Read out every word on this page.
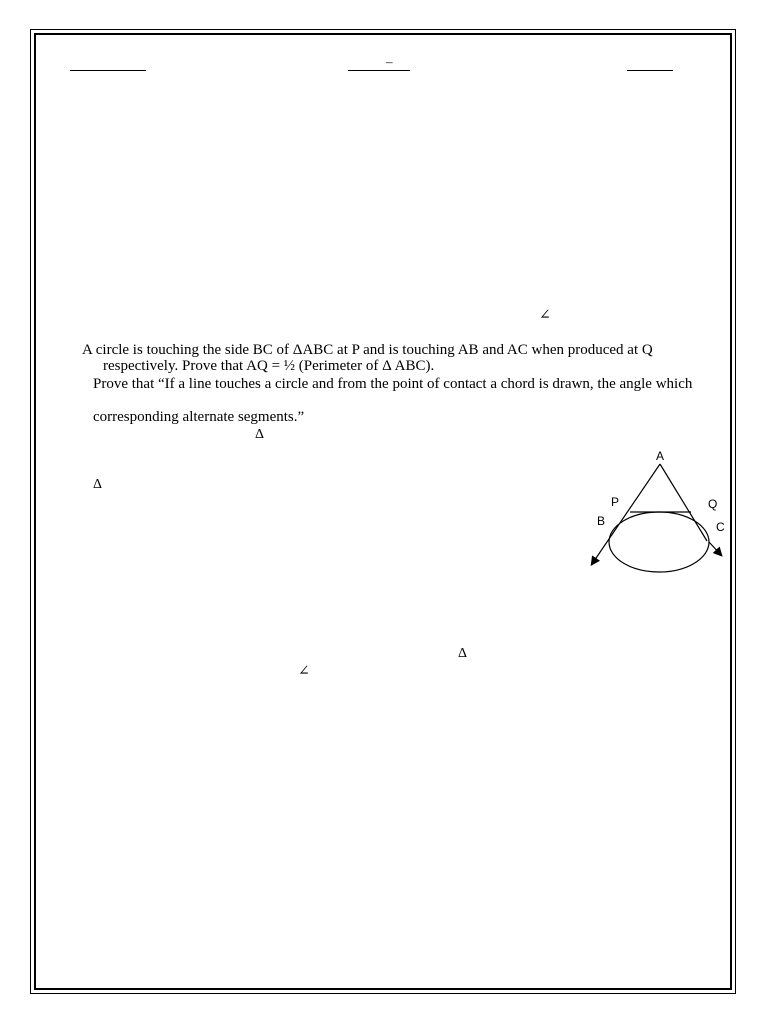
–
∠
A circle is touching the side BC of ΔABC at P and is touching AB and AC when produced at Q
respectively. Prove that AQ = ½ (Perimeter of Δ ABC).
Prove that “If a line touches a circle and from the point of contact a chord is drawn, the angle which
corresponding alternate segments.”
Δ
Δ
Δ
∠
A
P	Q
B	C
